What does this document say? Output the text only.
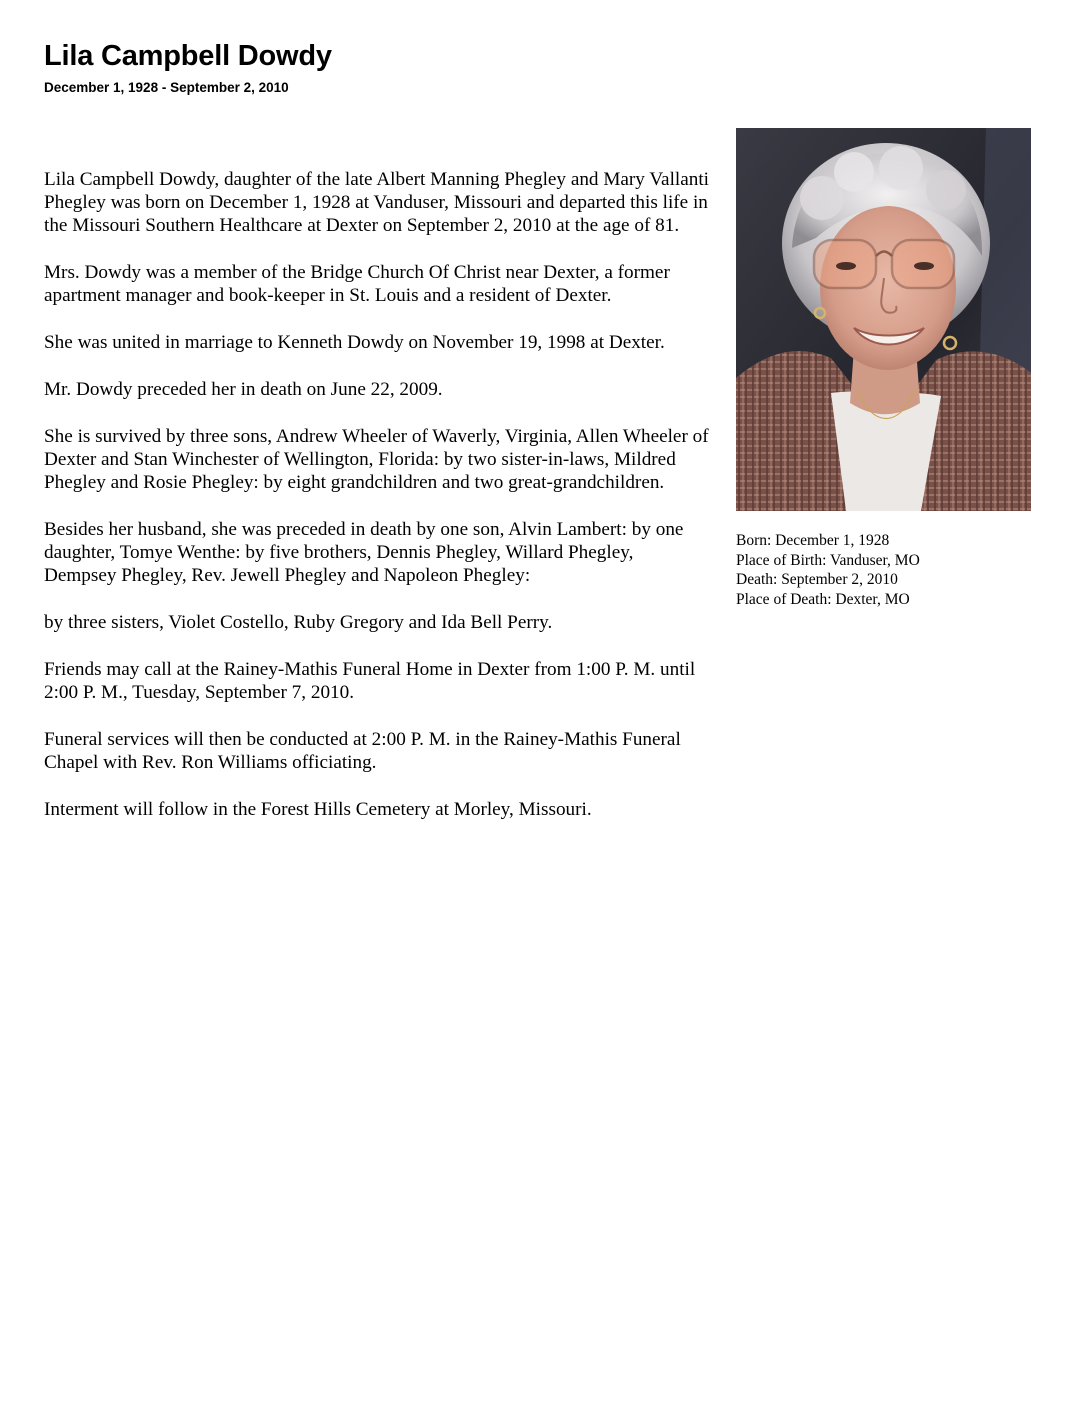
Lila Campbell Dowdy
December 1, 1928 - September 2, 2010

Lila Campbell Dowdy, daughter of the late Albert Manning Phegley and Mary Vallanti Phegley was born on December 1, 1928 at Vanduser, Missouri and departed this life in the Missouri Southern Healthcare at Dexter on September 2, 2010 at the age of 81.

Mrs. Dowdy was a member of the Bridge Church Of Christ near Dexter, a former apartment manager and book-keeper in St. Louis and a resident of Dexter.

She was united in marriage to Kenneth Dowdy on November 19, 1998 at Dexter.

Mr. Dowdy preceded her in death on June 22, 2009.

She is survived by three sons, Andrew Wheeler of Waverly, Virginia, Allen Wheeler of Dexter and Stan Winchester of Wellington, Florida: by two sister-in-laws, Mildred Phegley and Rosie Phegley: by eight grandchildren and two great-grandchildren.

Besides her husband, she was preceded in death by one son, Alvin Lambert: by one daughter, Tomye Wenthe: by five brothers, Dennis Phegley, Willard Phegley, Dempsey Phegley, Rev. Jewell Phegley and Napoleon Phegley:

by three sisters, Violet Costello, Ruby Gregory and Ida Bell Perry.

Friends may call at the Rainey-Mathis Funeral Home in Dexter from 1:00 P. M. until 2:00 P. M., Tuesday, September 7, 2010.

Funeral services will then be conducted at 2:00 P. M. in the Rainey-Mathis Funeral Chapel with Rev. Ron Williams officiating.

Interment will follow in the Forest Hills Cemetery at Morley, Missouri.

Born: December 1, 1928
Place of Birth: Vanduser, MO
Death: September 2, 2010
Place of Death: Dexter, MO
